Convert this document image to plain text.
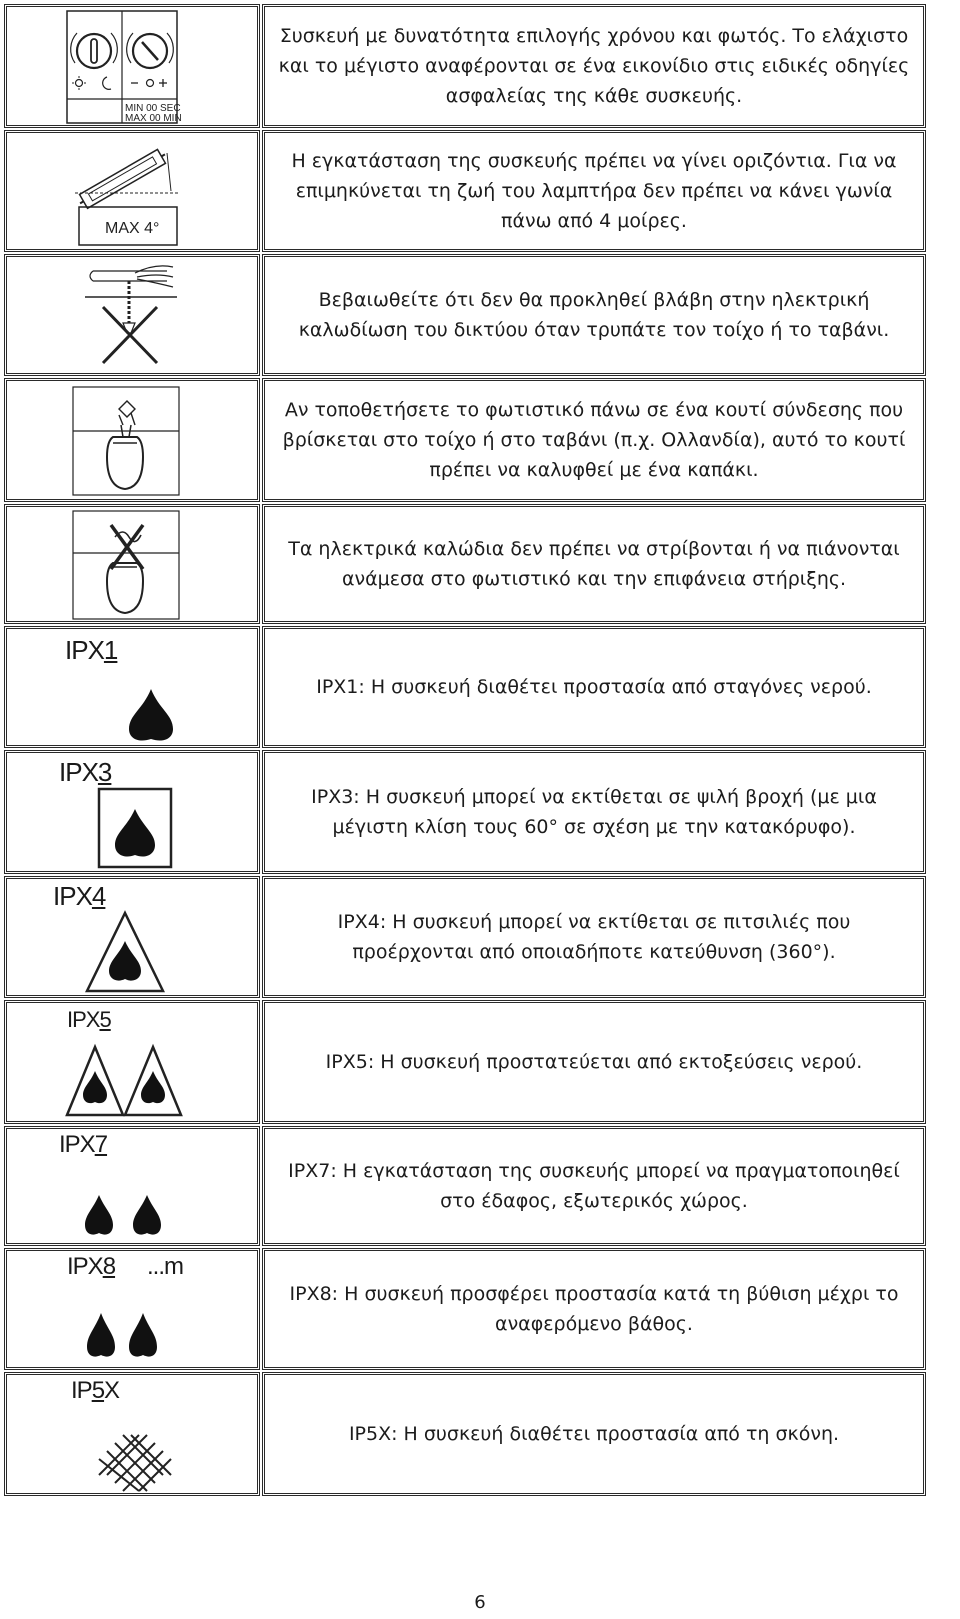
MIN 00 SEC
MAX 00 MIN
Συσκευή με δυνατότητα επιλογής χρόνου και φωτός. Το ελάχιστο και το μέγιστο αναφέρονται σε ένα εικονίδιο στις ειδικές οδηγίες ασφαλείας της κάθε συσκευής.
MAX 4°
Η εγκατάσταση της συσκευής πρέπει να γίνει οριζόντια. Για να επιμηκύνεται τη ζωή του λαμπτήρα δεν πρέπει να κάνει γωνία πάνω από 4 μοίρες.
Βεβαιωθείτε ότι δεν θα προκληθεί βλάβη στην ηλεκτρική καλωδίωση του δικτύου όταν τρυπάτε τον τοίχο ή το ταβάνι.
Αν τοποθετήσετε το φωτιστικό πάνω σε ένα κουτί σύνδεσης που βρίσκεται στο τοίχο ή στο ταβάνι (π.χ. Ολλανδία), αυτό το κουτί πρέπει να καλυφθεί με ένα καπάκι.
Τα ηλεκτρικά καλώδια δεν πρέπει να στρίβονται ή να πιάνονται ανάμεσα στο φωτιστικό και την επιφάνεια στήριξης.
IPX1
IPX1: Η συσκευή διαθέτει προστασία από σταγόνες νερού.
IPX3
IPX3: Η συσκευή μπορεί να εκτίθεται σε ψιλή βροχή (με μια μέγιστη κλίση τους 60° σε σχέση με την κατακόρυφο).
IPX4
IPX4: Η συσκευή μπορεί να εκτίθεται σε πιτσιλιές που προέρχονται από οποιαδήποτε κατεύθυνση (360°).
IPX5
IPX5: Η συσκευή προστατεύεται από εκτοξεύσεις νερού.
IPX7
IPX7: Η εγκατάσταση της συσκευής μπορεί να πραγματοποιηθεί στο έδαφος, εξωτερικός χώρος.
IPX8 ...m
IPX8: Η συσκευή προσφέρει προστασία κατά τη βύθιση μέχρι το αναφερόμενο βάθος.
IP5X
IP5X: Η συσκευή διαθέτει προστασία από τη σκόνη.
6
